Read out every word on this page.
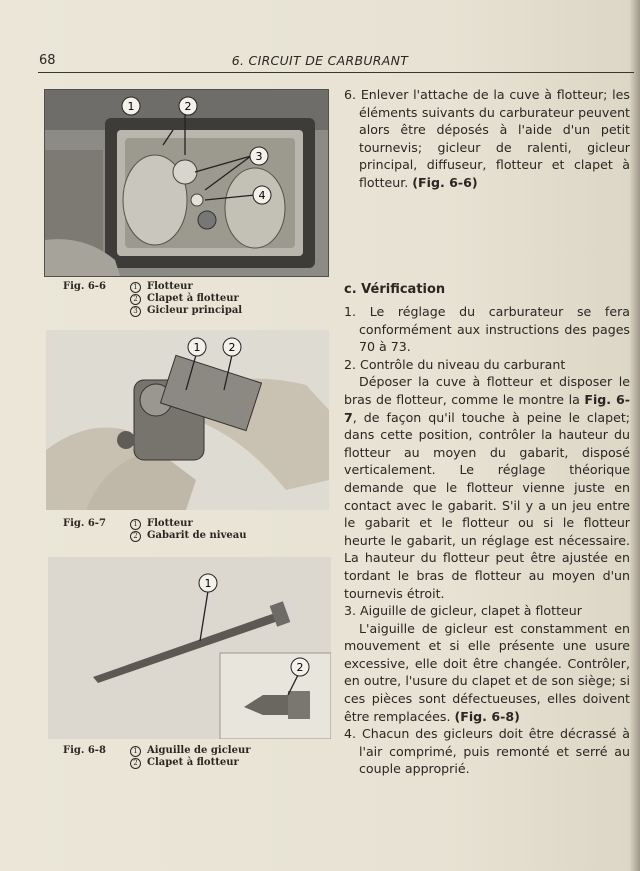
68	6. CIRCUIT DE CARBURANT
1	2
3
4
Fig. 6-6	1 Flotteur
2 Clapet à flotteur
3 Gicleur principal
1	2
Fig. 6-7	1 Flotteur
2 Gabarit de niveau
1
2
Fig. 6-8	1 Aiguille de gicleur
2 Clapet à flotteur

6. Enlever l'attache de la cuve à flotteur; les éléments suivants du carburateur peuvent alors être déposés à l'aide d'un petit tournevis; gicleur de ralenti, gicleur principal, diffuseur, flotteur et clapet à flotteur. (Fig. 6-6)

c. Vérification

1. Le réglage du carburateur se fera conformément aux instructions des pages 70 à 73.

2. Contrôle du niveau du carburant

Déposer la cuve à flotteur et disposer le bras de flotteur, comme le montre la Fig. 6-7, de façon qu'il touche à peine le clapet; dans cette position, contrôler la hauteur du flotteur au moyen du gabarit, disposé verticalement. Le réglage théorique demande que le flotteur vienne juste en contact avec le gabarit. S'il y a un jeu entre le gabarit et le flotteur ou si le flotteur heurte le gabarit, un réglage est nécessaire. La hauteur du flotteur peut être ajustée en tordant le bras de flotteur au moyen d'un tournevis étroit.

3. Aiguille de gicleur, clapet à flotteur

L'aiguille de gicleur est constamment en mouvement et si elle présente une usure excessive, elle doit être changée. Contrôler, en outre, l'usure du clapet et de son siège; si ces pièces sont défectueuses, elles doivent être remplacées. (Fig. 6-8)

4. Chacun des gicleurs doit être décrassé à l'air comprimé, puis remonté et serré au couple approprié.
